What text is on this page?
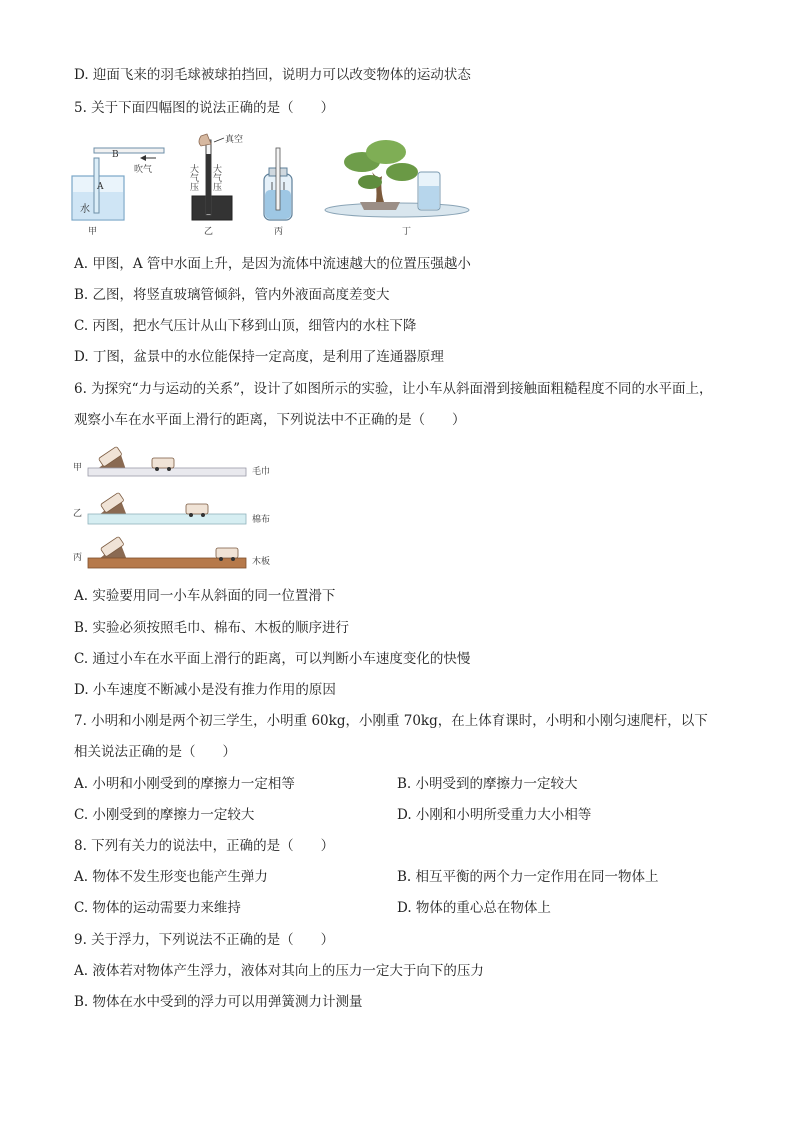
D. 迎面飞来的羽毛球被球拍挡回，说明力可以改变物体的运动状态
5. 关于下面四幅图的说法正确的是（　　）
B
吹气
A
水
甲
真空
大气压 大气压
乙	丙	丁
A. 甲图，A 管中水面上升，是因为流体中流速越大的位置压强越小
B. 乙图，将竖直玻璃管倾斜，管内外液面高度差变大
C. 丙图，把水气压计从山下移到山顶，细管内的水柱下降
D. 丁图，盆景中的水位能保持一定高度，是利用了连通器原理
6. 为探究“力与运动的关系”，设计了如图所示的实验，让小车从斜面滑到接触面粗糙程度不同的水平面上，
观察小车在水平面上滑行的距离，下列说法中不正确的是（　　）
甲	毛巾
乙
棉布
丙	木板
A. 实验要用同一小车从斜面的同一位置滑下
B. 实验必须按照毛巾、棉布、木板的顺序进行
C. 通过小车在水平面上滑行的距离，可以判断小车速度变化的快慢
D. 小车速度不断减小是没有推力作用的原因
7. 小明和小刚是两个初三学生，小明重 60kg，小刚重 70kg，在上体育课时，小明和小刚匀速爬杆，以下
相关说法正确的是（　　）
A. 小明和小刚受到的摩擦力一定相等	B. 小明受到的摩擦力一定较大
C. 小刚受到的摩擦力一定较大	D. 小刚和小明所受重力大小相等
8. 下列有关力的说法中，正确的是（　　）
A. 物体不发生形变也能产生弹力	B. 相互平衡的两个力一定作用在同一物体上
C. 物体的运动需要力来维持	D. 物体的重心总在物体上
9. 关于浮力，下列说法不正确的是（　　）
A. 液体若对物体产生浮力，液体对其向上的压力一定大于向下的压力
B. 物体在水中受到的浮力可以用弹簧测力计测量
